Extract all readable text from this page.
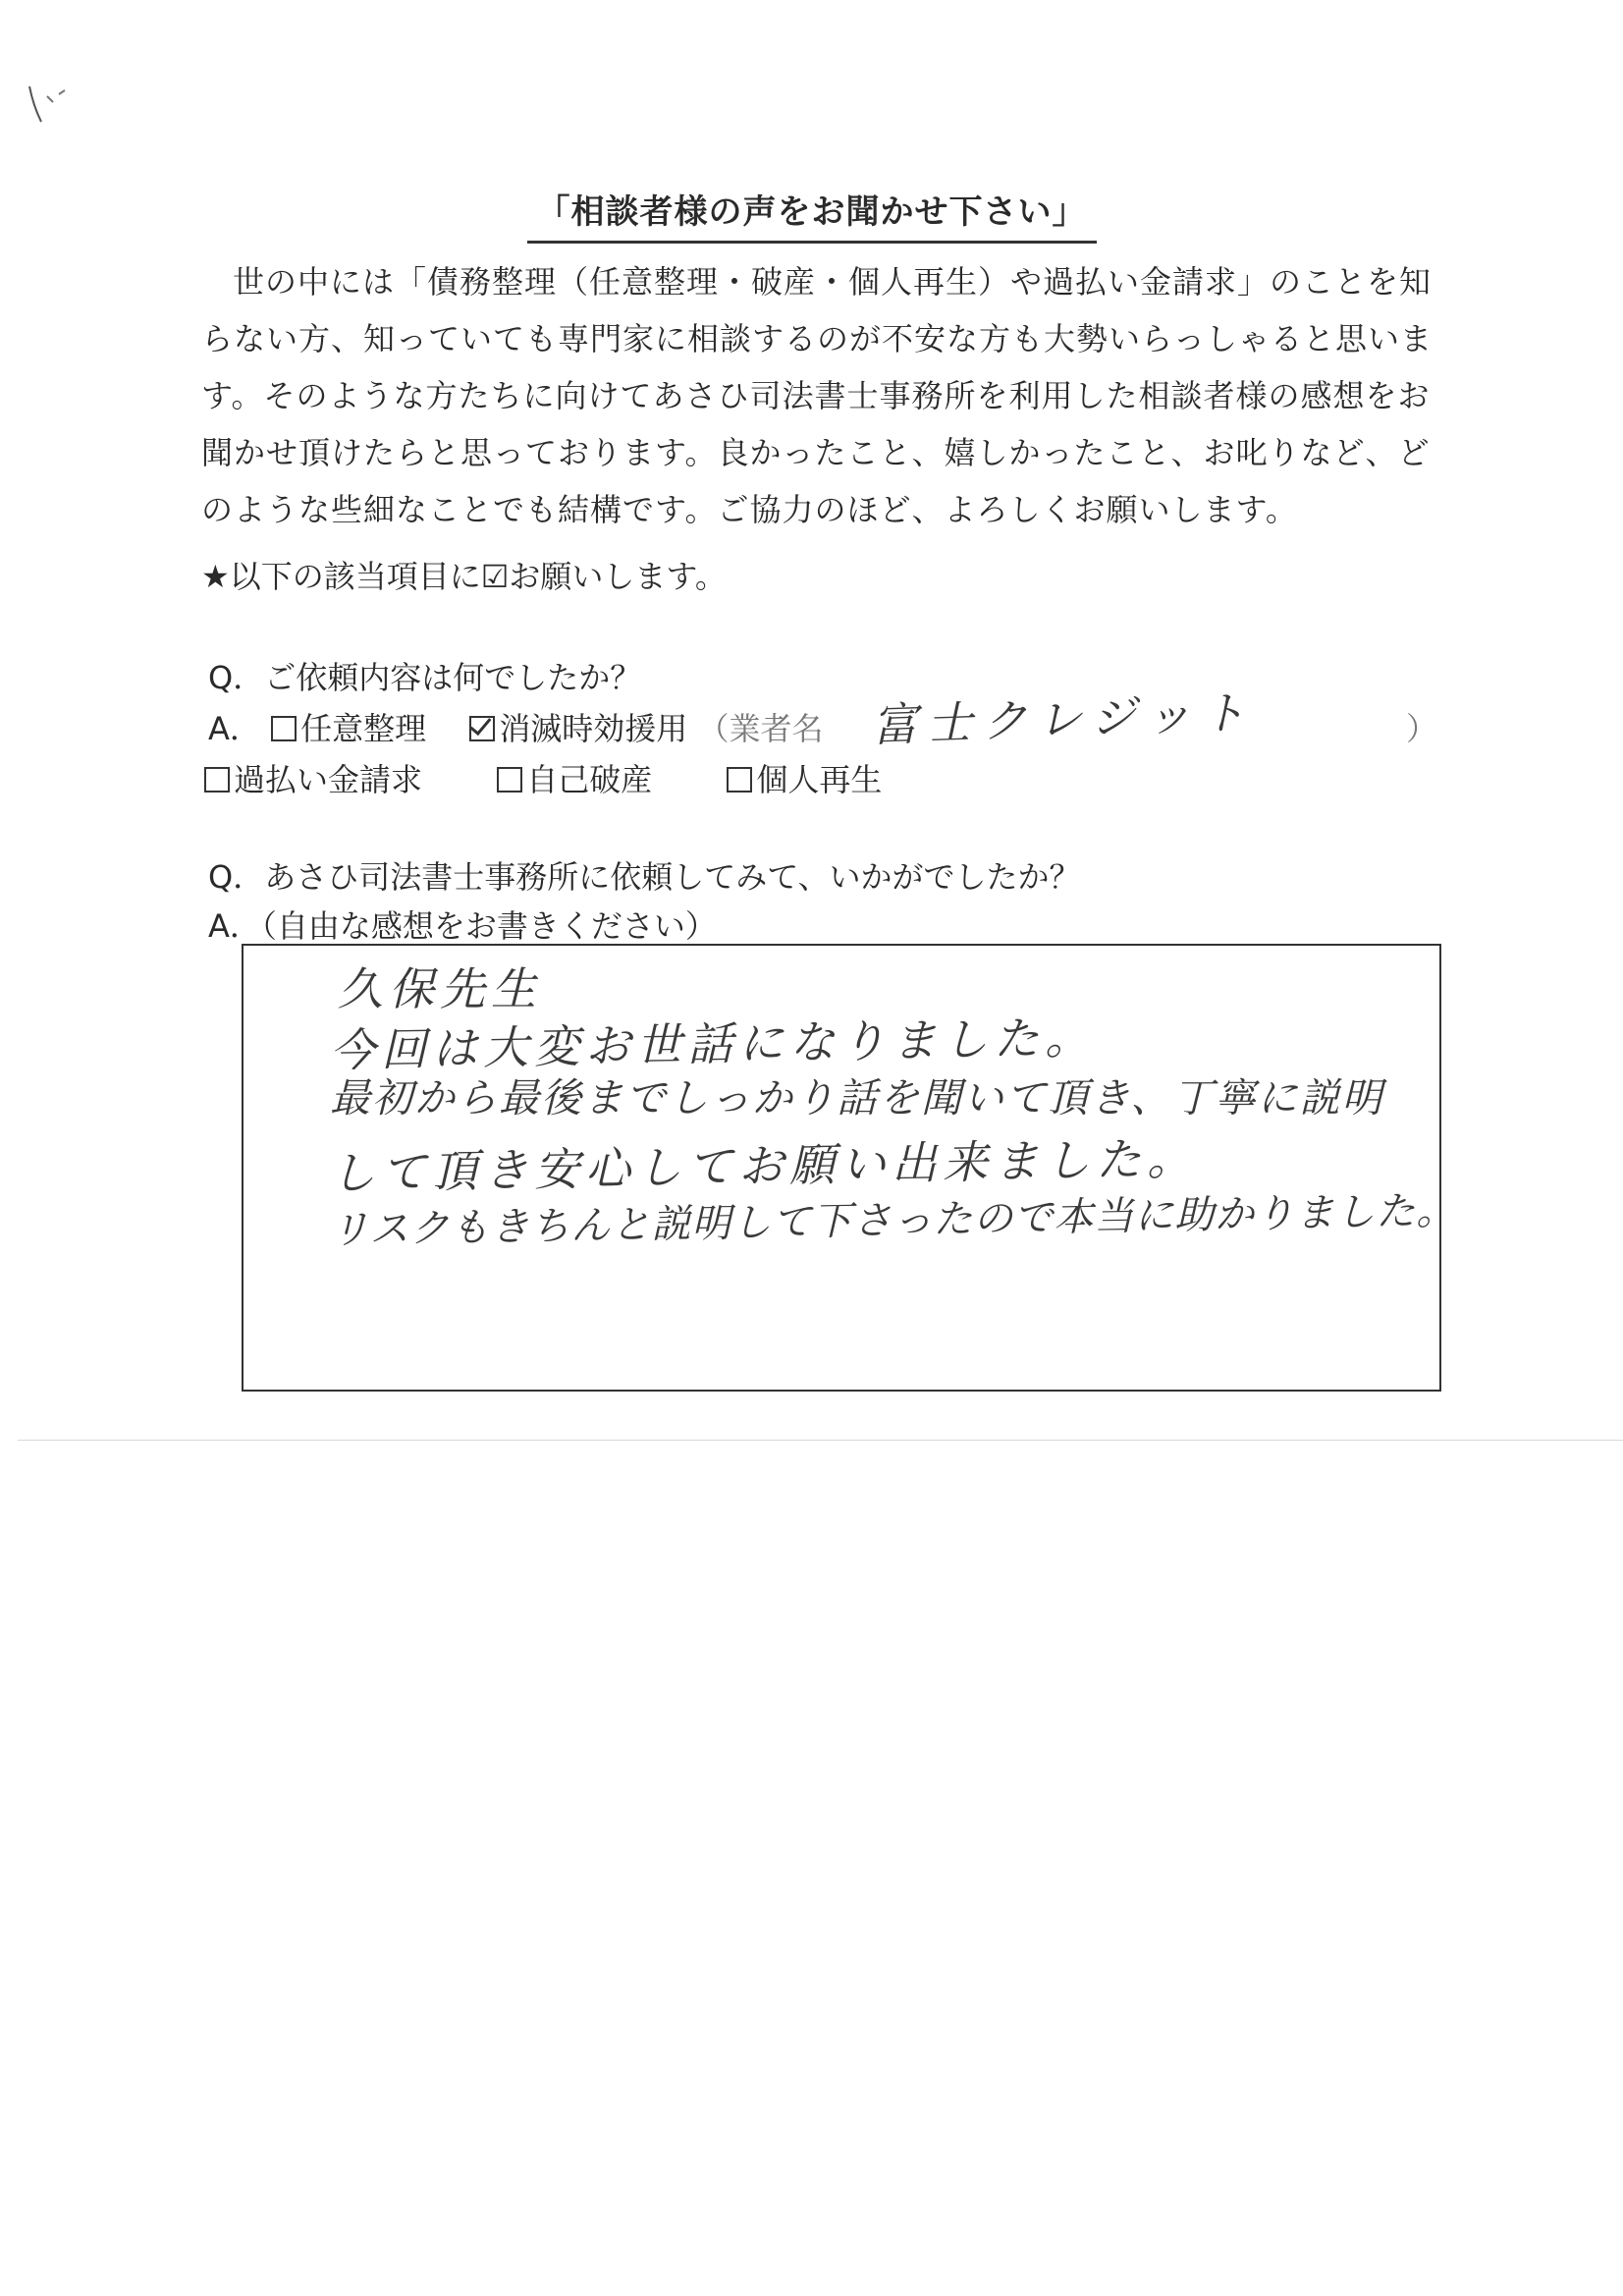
「相談者様の声をお聞かせ下さい」
世の中には「債務整理（任意整理・破産・個人再生）や過払い金請求」のことを知らない方、知っていても専門家に相談するのが不安な方も大勢いらっしゃると思います。そのような方たちに向けてあさひ司法書士事務所を利用した相談者様の感想をお聞かせ頂けたらと思っております。良かったこと、嬉しかったこと、お叱りなど、どのような些細なことでも結構です。ご協力のほど、よろしくお願いします。
★以下の該当項目に☑お願いします。
Q．ご依頼内容は何でしたか？
A． 任意整理 消滅時効援用 （業者名 富士クレジット	）
過払い金請求	自己破産	個人再生
Q．あさひ司法書士事務所に依頼してみて、いかがでしたか？
A．（自由な感想をお書きください）
久保先生
今回は大変お世話になりました。
最初から最後までしっかり話を聞いて頂き、丁寧に説明
して頂き安心してお願い出来ました。
リスクもきちんと説明して下さったので本当に助かりました。
